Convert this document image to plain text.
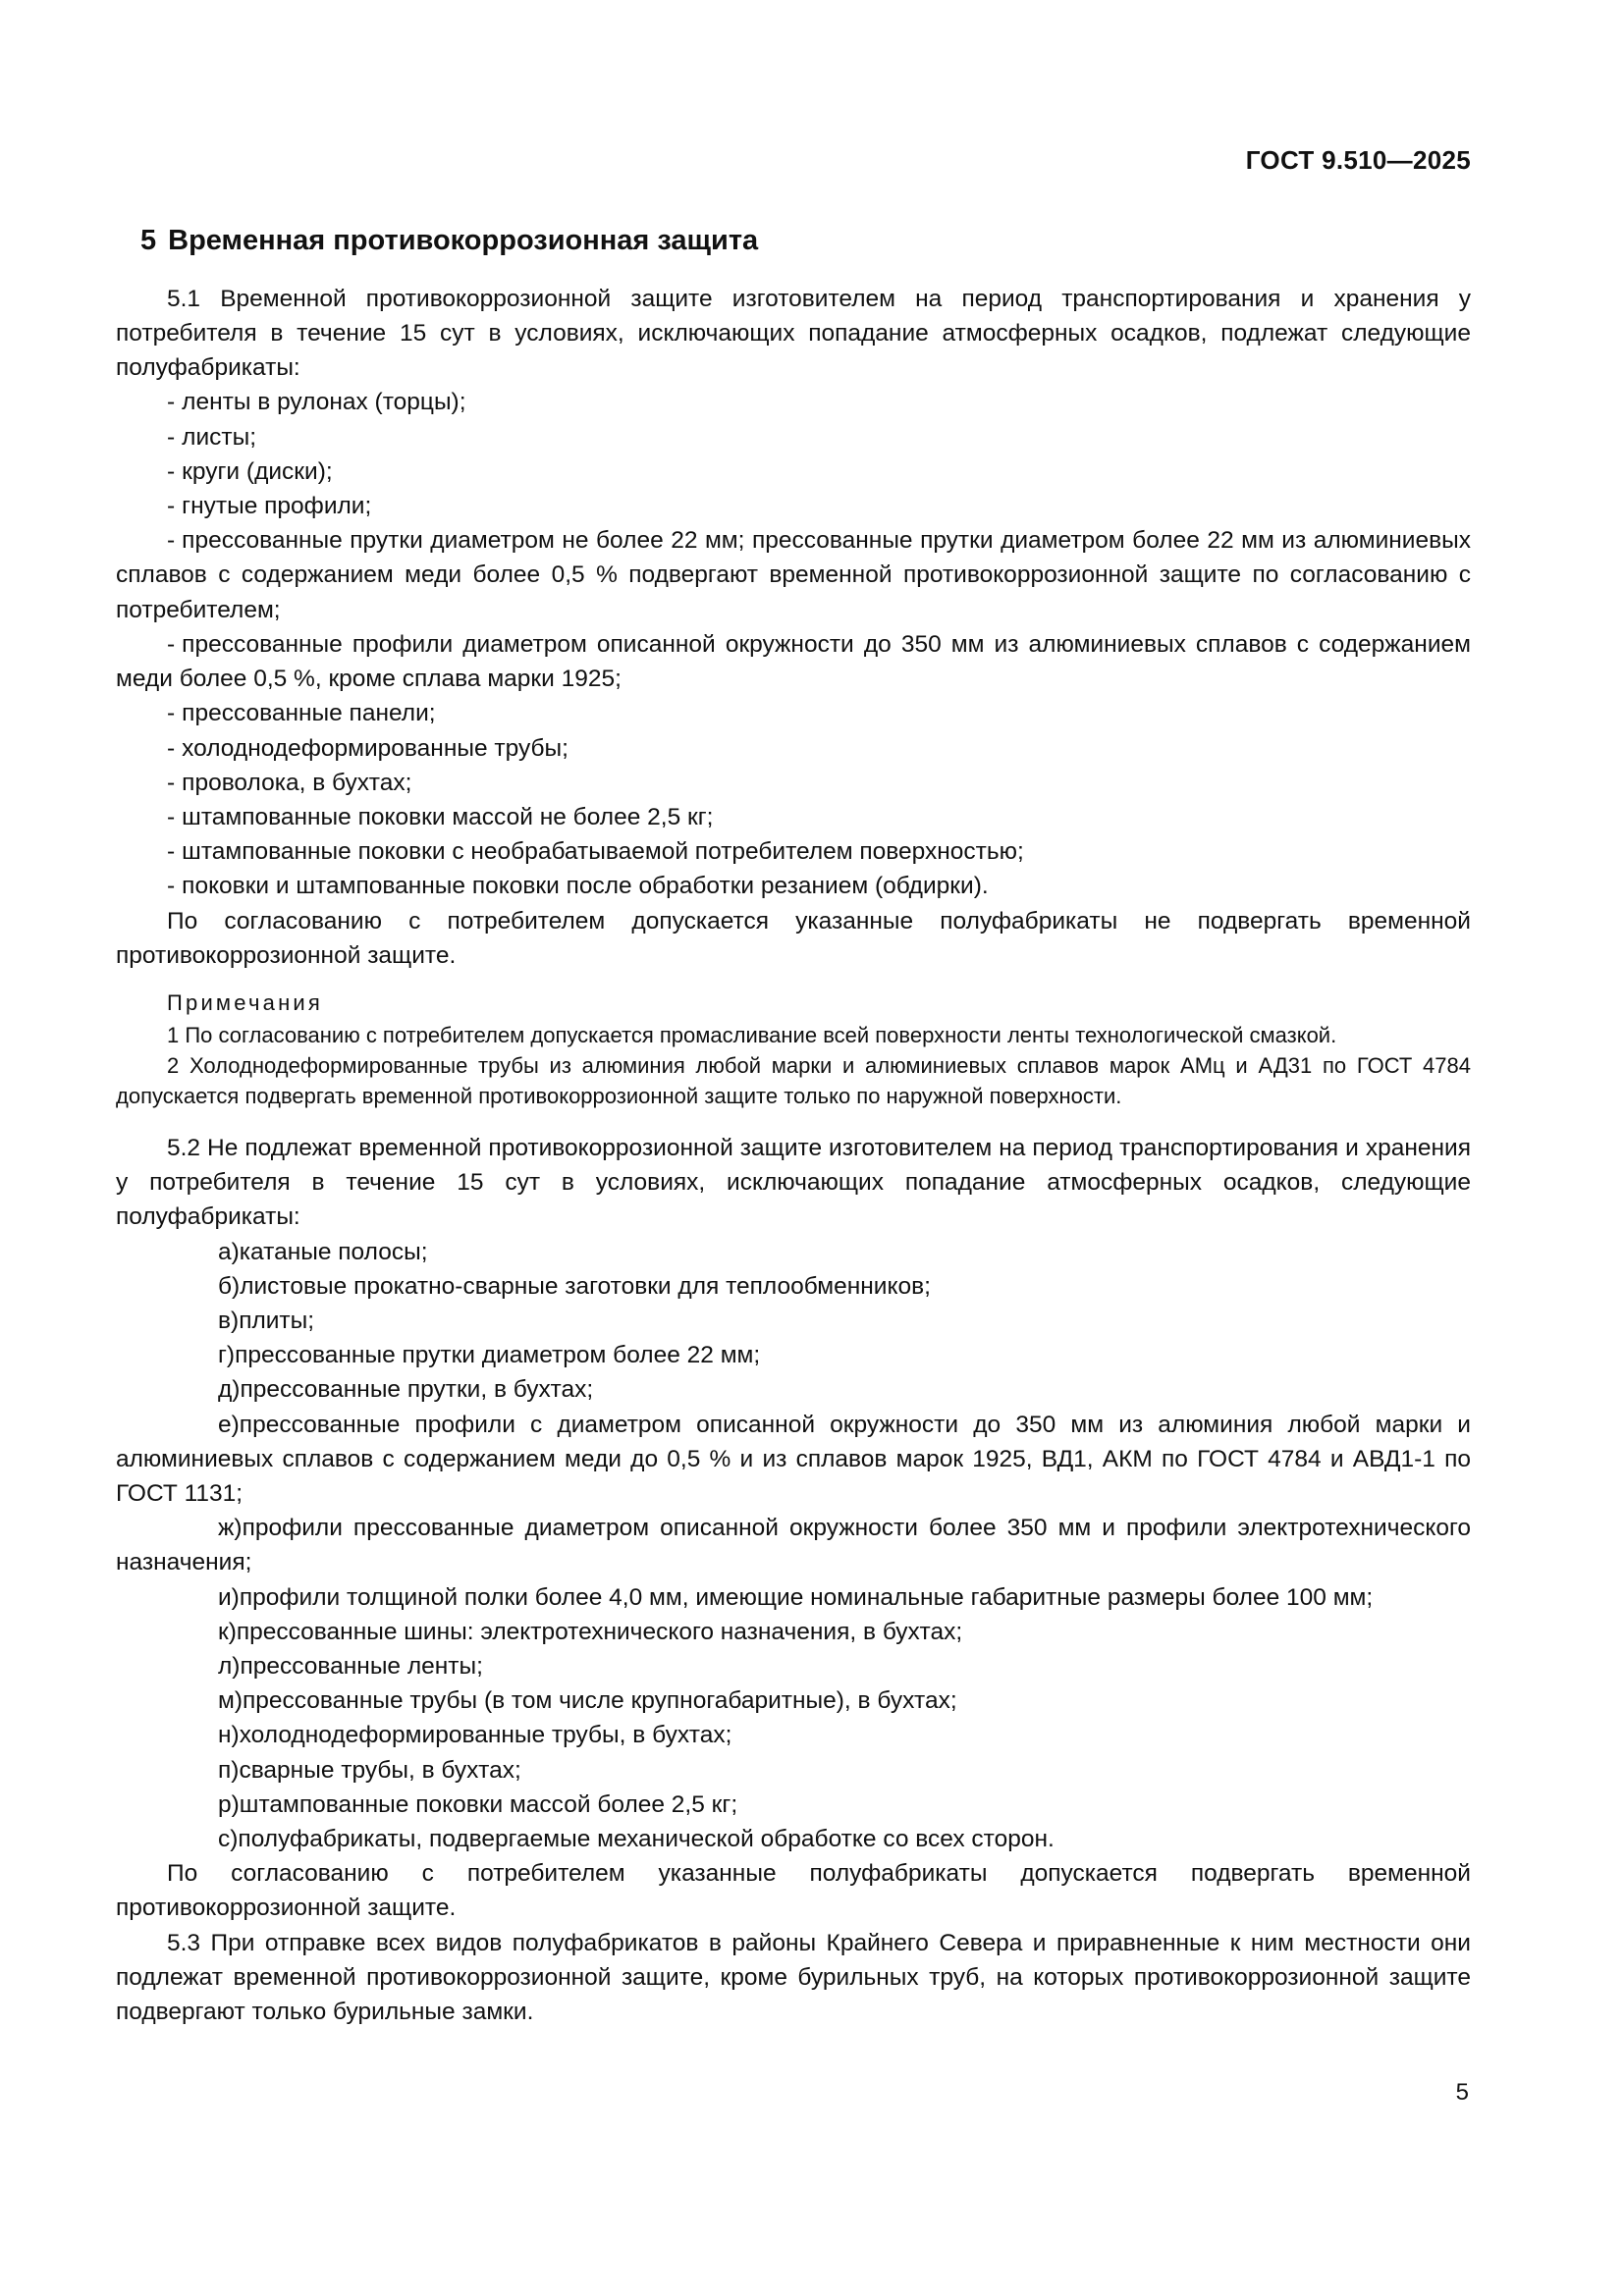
ГОСТ 9.510—2025
5 Временная противокоррозионная защита

5.1 Временной противокоррозионной защите изготовителем на период транспортирования и хранения у потребителя в течение 15 сут в условиях, исключающих попадание атмосферных осадков, подлежат следующие полуфабрикаты:

- ленты в рулонах (торцы);
- листы;
- круги (диски);
- гнутые профили;
- прессованные прутки диаметром не более 22 мм; прессованные прутки диаметром более 22 мм из алюминиевых сплавов с содержанием меди более 0,5 % подвергают временной противокоррозионной защите по согласованию с потребителем;
- прессованные профили диаметром описанной окружности до 350 мм из алюминиевых сплавов с содержанием меди более 0,5 %, кроме сплава марки 1925;
- прессованные панели;
- холоднодеформированные трубы;
- проволока, в бухтах;
- штампованные поковки массой не более 2,5 кг;
- штампованные поковки с необрабатываемой потребителем поверхностью;
- поковки и штампованные поковки после обработки резанием (обдирки).

По согласованию с потребителем допускается указанные полуфабрикаты не подвергать временной противокоррозионной защите.

Примечания

1 По согласованию с потребителем допускается промасливание всей поверхности ленты технологической смазкой.

2 Холоднодеформированные трубы из алюминия любой марки и алюминиевых сплавов марок АМц и АД31 по ГОСТ 4784 допускается подвергать временной противокоррозионной защите только по наружной поверхности.

5.2 Не подлежат временной противокоррозионной защите изготовителем на период транспортирования и хранения у потребителя в течение 15 сут в условиях, исключающих попадание атмосферных осадков, следующие полуфабрикаты:

а)катаные полосы;
б)листовые прокатно-сварные заготовки для теплообменников;
в)плиты;
г)прессованные прутки диаметром более 22 мм;
д)прессованные прутки, в бухтах;
е)прессованные профили с диаметром описанной окружности до 350 мм из алюминия любой марки и алюминиевых сплавов с содержанием меди до 0,5 % и из сплавов марок 1925, ВД1, АКМ по ГОСТ 4784 и АВД1-1 по ГОСТ 1131;
ж)профили прессованные диаметром описанной окружности более 350 мм и профили электротехнического назначения;
и)профили толщиной полки более 4,0 мм, имеющие номинальные габаритные размеры более 100 мм;
к)прессованные шины: электротехнического назначения, в бухтах;
л)прессованные ленты;
м)прессованные трубы (в том числе крупногабаритные), в бухтах;
н)холоднодеформированные трубы, в бухтах;
п)сварные трубы, в бухтах;
р)штампованные поковки массой более 2,5 кг;
с)полуфабрикаты, подвергаемые механической обработке со всех сторон.

По согласованию с потребителем указанные полуфабрикаты допускается подвергать временной противокоррозионной защите.

5.3 При отправке всех видов полуфабрикатов в районы Крайнего Севера и приравненные к ним местности они подлежат временной противокоррозионной защите, кроме бурильных труб, на которых противокоррозионной защите подвергают только бурильные замки.

5
